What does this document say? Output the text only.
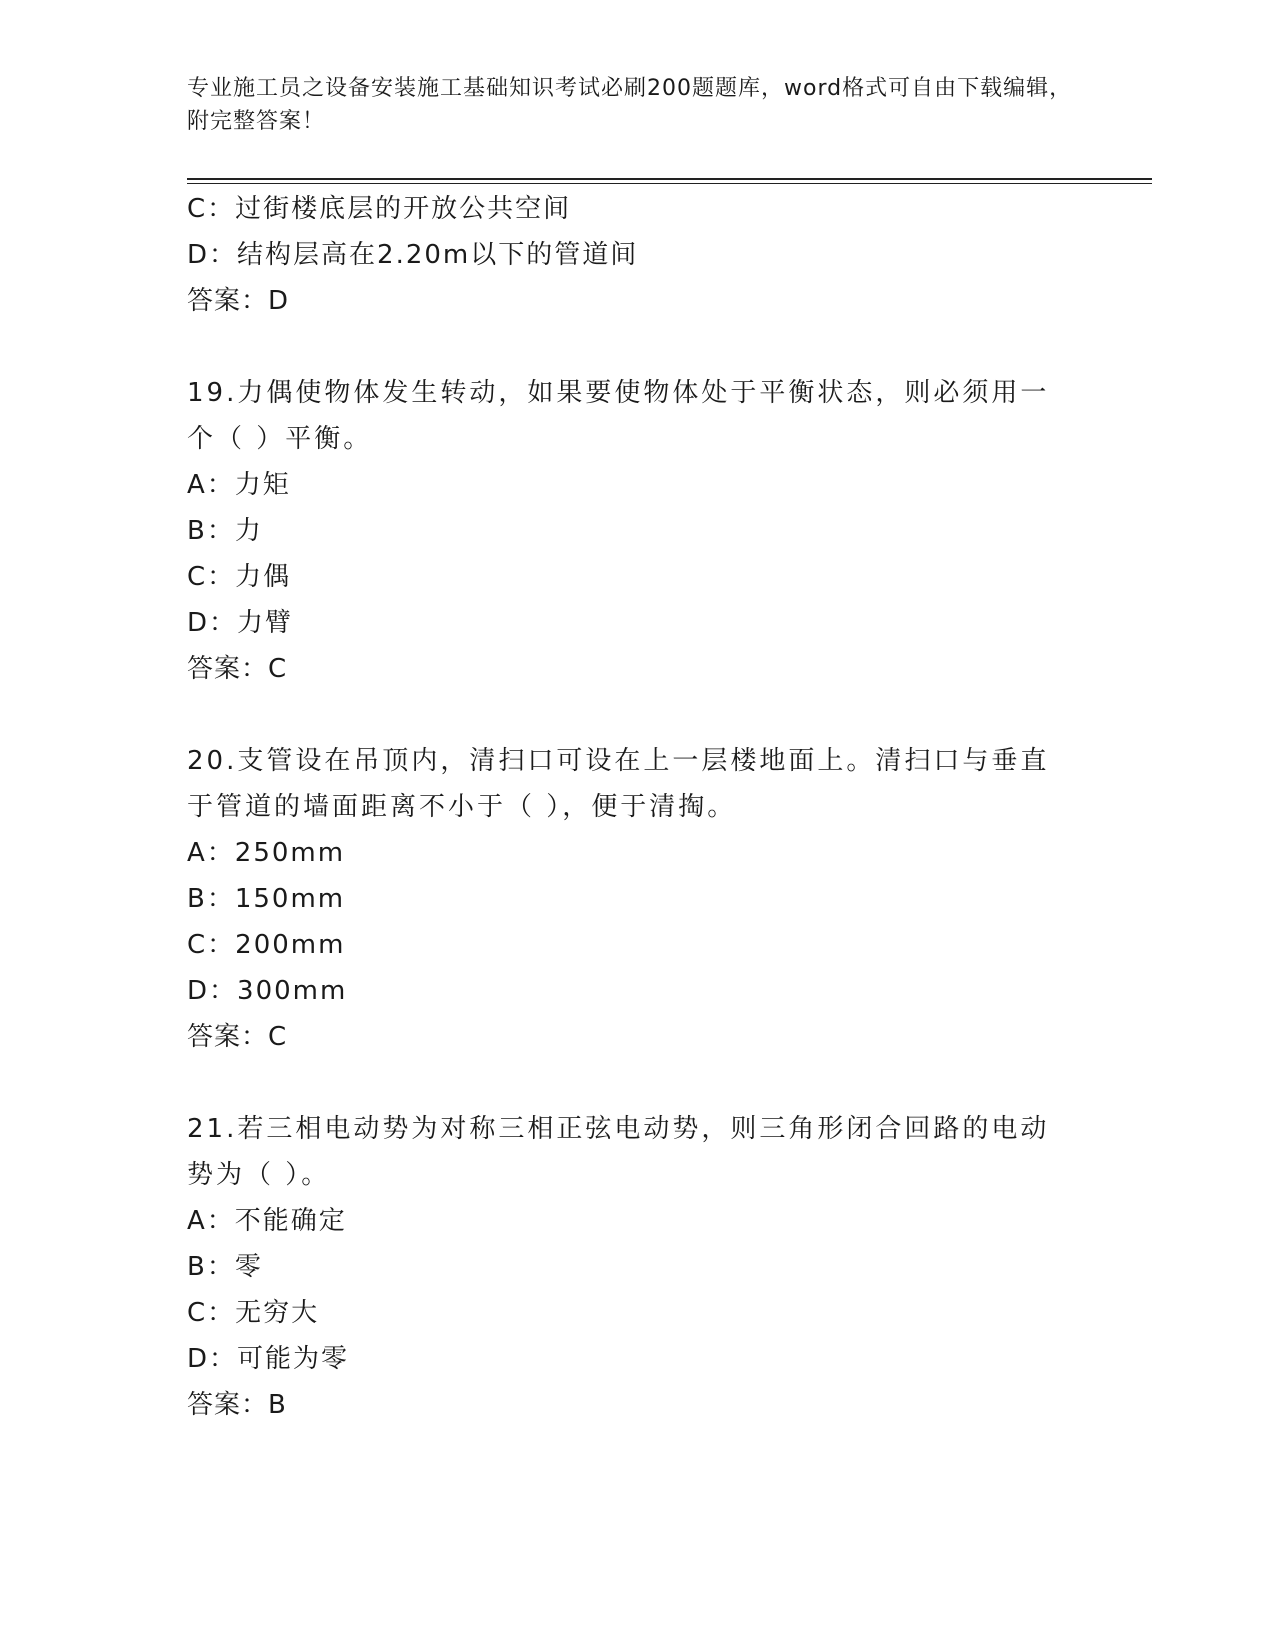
专业施工员之设备安装施工基础知识考试必刷200题题库，word格式可自由下载编辑，附完整答案！
C：过街楼底层的开放公共空间
D：结构层高在2.20m以下的管道间
答案：D
19.力偶使物体发生转动，如果要使物体处于平衡状态，则必须用一个（ ）平衡。
A：力矩
B：力
C：力偶
D：力臂
答案：C
20.支管设在吊顶内，清扫口可设在上一层楼地面上。清扫口与垂直于管道的墙面距离不小于（ ），便于清掏。
A：250mm
B：150mm
C：200mm
D：300mm
答案：C
21.若三相电动势为对称三相正弦电动势，则三角形闭合回路的电动势为（ ）。
A：不能确定
B：零
C：无穷大
D：可能为零
答案：B
